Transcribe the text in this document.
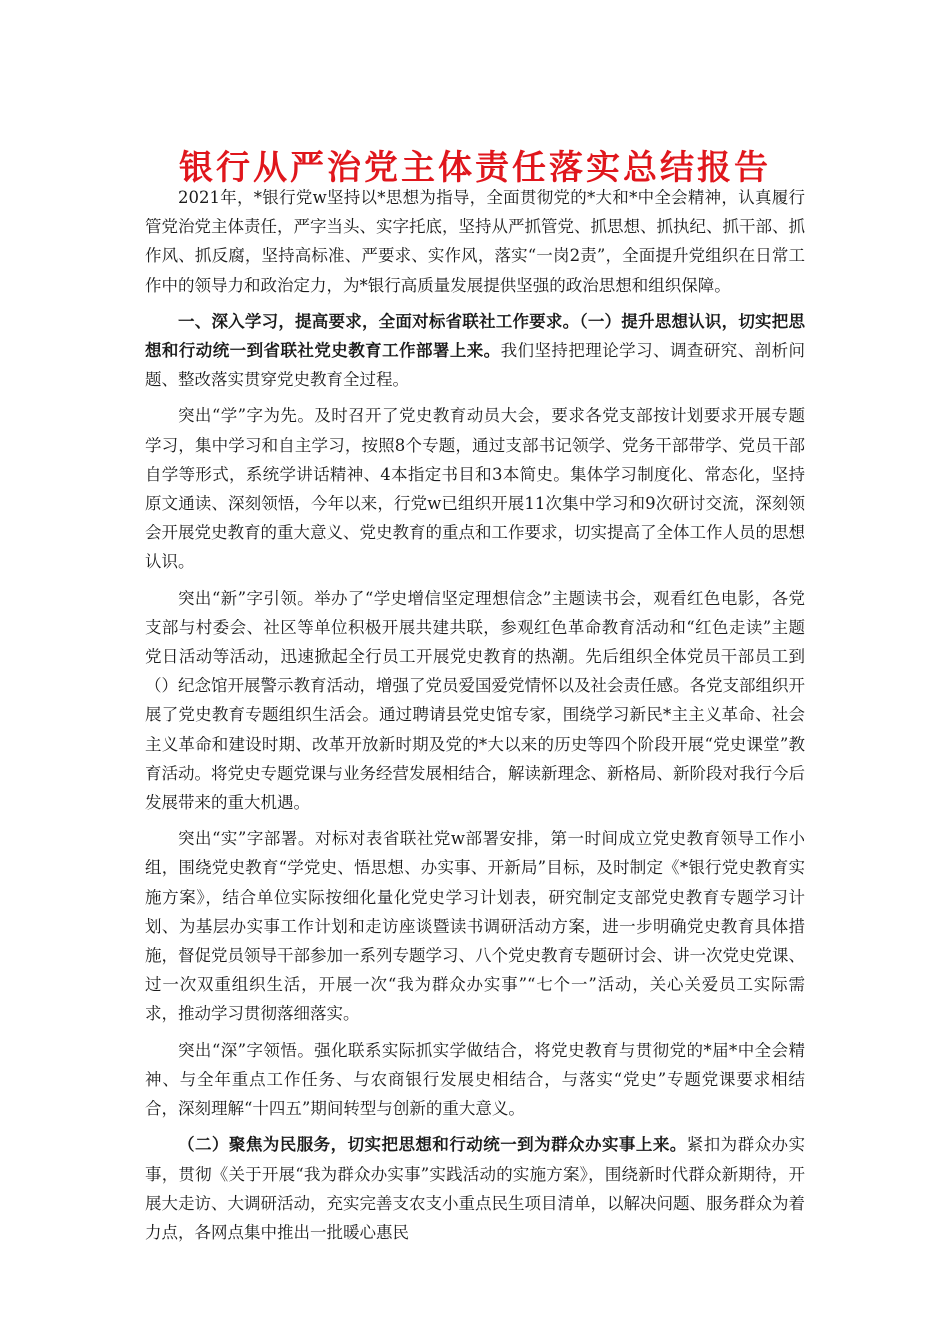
银行从严治党主体责任落实总结报告

2021年，*银行党w坚持以*思想为指导，全面贯彻党的*大和*中全会精神，认真履行管党治党主体责任，严字当头、实字托底，坚持从严抓管党、抓思想、抓执纪、抓干部、抓作风、抓反腐，坚持高标准、严要求、实作风，落实“一岗2责”，全面提升党组织在日常工作中的领导力和政治定力，为*银行高质量发展提供坚强的政治思想和组织保障。

一、深入学习，提高要求，全面对标省联社工作要求。（一）提升思想认识，切实把思想和行动统一到省联社党史教育工作部署上来。我们坚持把理论学习、调查研究、剖析问题、整改落实贯穿党史教育全过程。

突出“学”字为先。及时召开了党史教育动员大会，要求各党支部按计划要求开展专题学习，集中学习和自主学习，按照8个专题，通过支部书记领学、党务干部带学、党员干部自学等形式，系统学讲话精神、4本指定书目和3本简史。集体学习制度化、常态化，坚持原文通读、深刻领悟，今年以来，行党w已组织开展11次集中学习和9次研讨交流，深刻领会开展党史教育的重大意义、党史教育的重点和工作要求，切实提高了全体工作人员的思想认识。

突出“新”字引领。举办了“学史增信坚定理想信念”主题读书会，观看红色电影，各党支部与村委会、社区等单位积极开展共建共联，参观红色革命教育活动和“红色走读”主题党日活动等活动，迅速掀起全行员工开展党史教育的热潮。先后组织全体党员干部员工到（）纪念馆开展警示教育活动，增强了党员爱国爱党情怀以及社会责任感。各党支部组织开展了党史教育专题组织生活会。通过聘请县党史馆专家，围绕学习新民*主主义革命、社会主义革命和建设时期、改革开放新时期及党的*大以来的历史等四个阶段开展“党史课堂”教育活动。将党史专题党课与业务经营发展相结合，解读新理念、新格局、新阶段对我行今后发展带来的重大机遇。

突出“实”字部署。对标对表省联社党w部署安排，第一时间成立党史教育领导工作小组，围绕党史教育“学党史、悟思想、办实事、开新局”目标，及时制定《*银行党史教育实施方案》，结合单位实际按细化量化党史学习计划表，研究制定支部党史教育专题学习计划、为基层办实事工作计划和走访座谈暨读书调研活动方案，进一步明确党史教育具体措施，督促党员领导干部参加一系列专题学习、八个党史教育专题研讨会、讲一次党史党课、过一次双重组织生活，开展一次“我为群众办实事”“七个一”活动，关心关爱员工实际需求，推动学习贯彻落细落实。

突出“深”字领悟。强化联系实际抓实学做结合，将党史教育与贯彻党的*届*中全会精神、与全年重点工作任务、与农商银行发展史相结合，与落实“党史”专题党课要求相结合，深刻理解“十四五”期间转型与创新的重大意义。

（二）聚焦为民服务，切实把思想和行动统一到为群众办实事上来。紧扣为群众办实事，贯彻《关于开展“我为群众办实事”实践活动的实施方案》，围绕新时代群众新期待，开展大走访、大调研活动，充实完善支农支小重点民生项目清单，以解决问题、服务群众为着力点，各网点集中推出一批暖心惠民
